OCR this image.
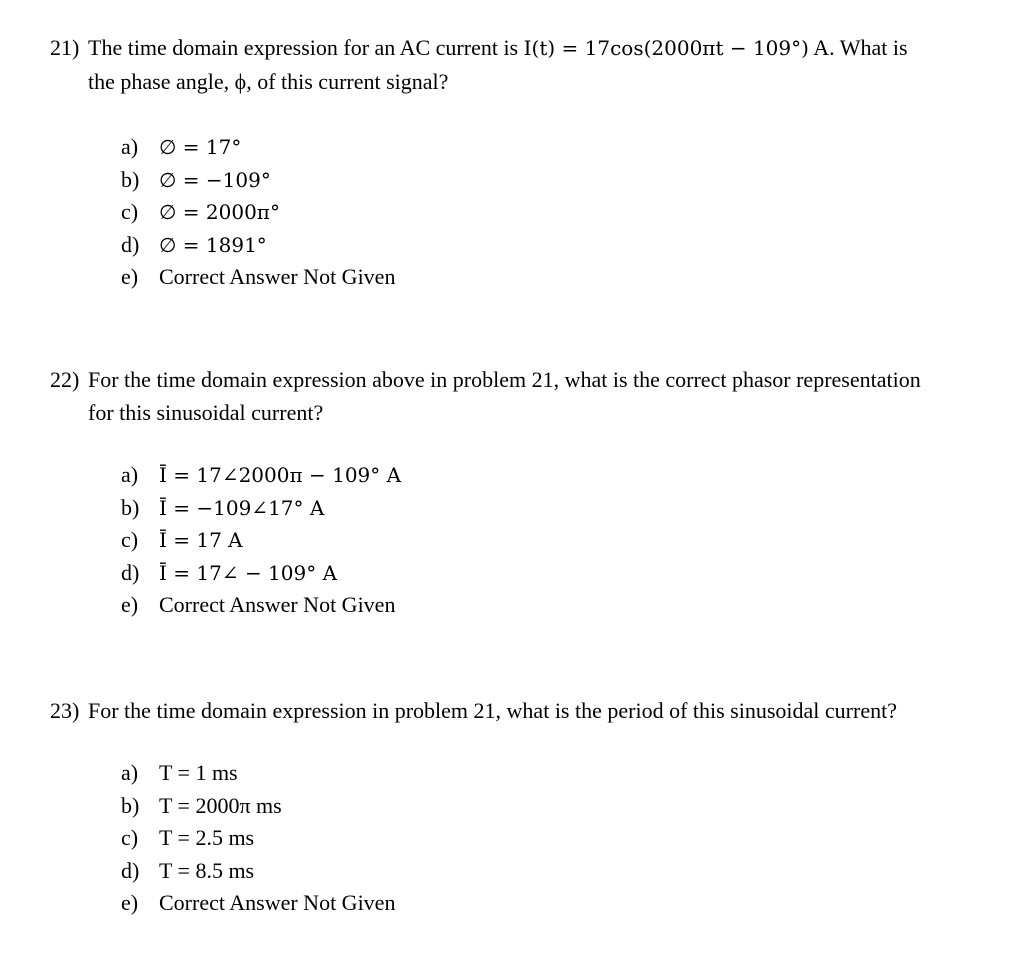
21) The time domain expression for an AC current is I(t) = 17cos(2000πt − 109°) A. What is
the phase angle, ϕ, of this current signal?
a) ∅ = 17°
b) ∅ = −109°
c) ∅ = 2000π°
d) ∅ = 1891°
e) Correct Answer Not Given
22) For the time domain expression above in problem 21, what is the correct phasor representation
for this sinusoidal current?
a) Ī = 17∠2000π − 109° A
b) Ī = −109∠17° A
c) Ī = 17 A
d) Ī = 17∠ − 109° A
e) Correct Answer Not Given
23) For the time domain expression in problem 21, what is the period of this sinusoidal current?
a) T = 1 ms
b) T = 2000π ms
c) T = 2.5 ms
d) T = 8.5 ms
e) Correct Answer Not Given
